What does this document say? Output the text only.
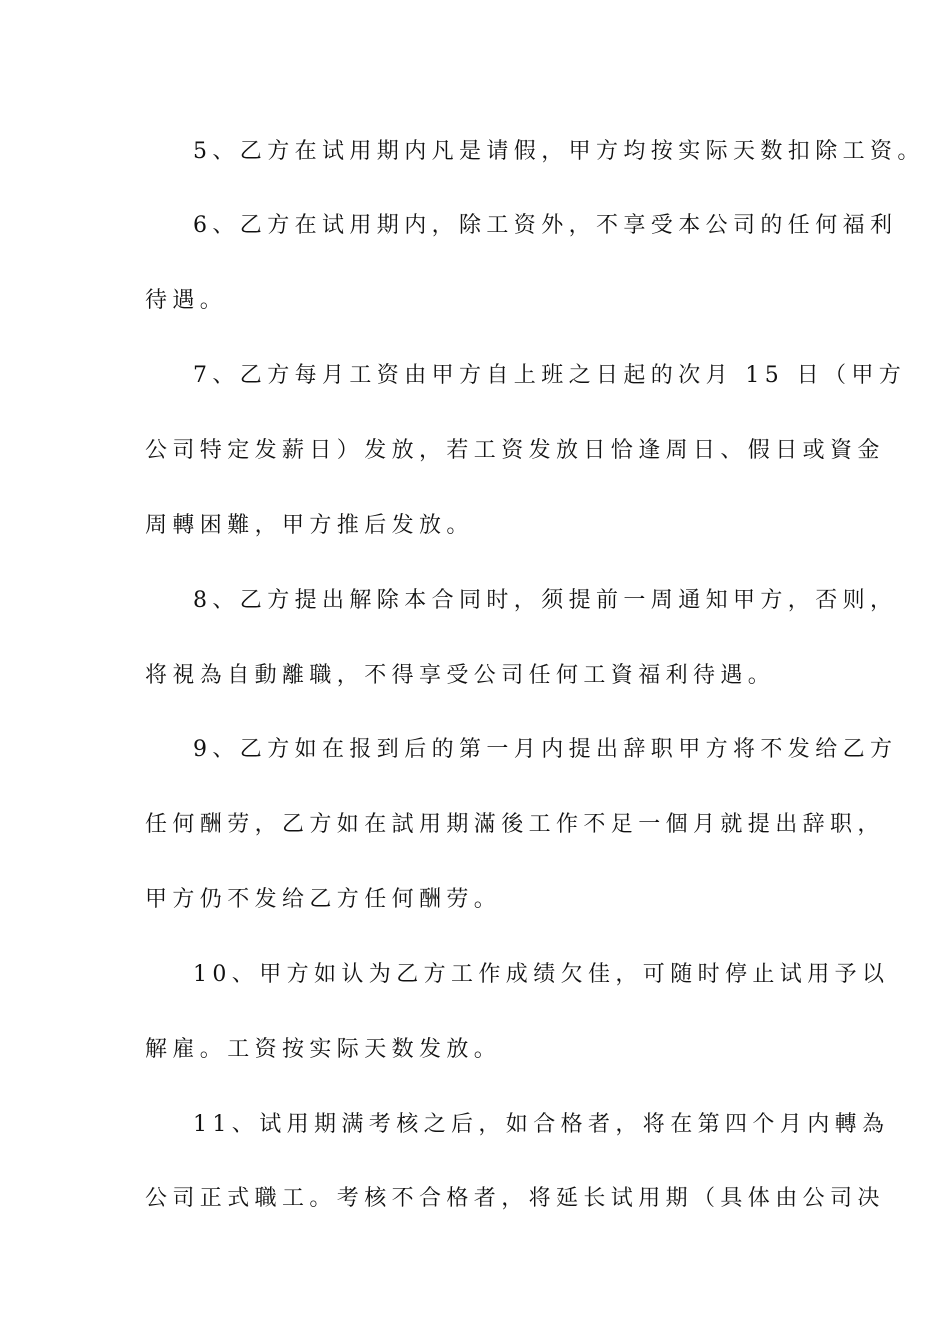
5、乙方在试用期内凡是请假，甲方均按实际天数扣除工资。
6、乙方在试用期内，除工资外，不享受本公司的任何福利
待遇。
7、乙方每月工资由甲方自上班之日起的次月 15 日（甲方
公司特定发薪日）发放，若工资发放日恰逢周日、假日或資金
周轉困難，甲方推后发放。
8、乙方提出解除本合同时，须提前一周通知甲方，否则，
将視為自動離職，不得享受公司任何工資福利待遇。
9、乙方如在报到后的第一月内提出辞职甲方将不发给乙方
任何酬劳，乙方如在試用期滿後工作不足一個月就提出辞职，
甲方仍不发给乙方任何酬劳。
10、甲方如认为乙方工作成绩欠佳，可随时停止试用予以
解雇。工资按实际天数发放。
11、试用期满考核之后，如合格者，将在第四个月内轉為
公司正式職工。考核不合格者，将延长试用期（具体由公司决
